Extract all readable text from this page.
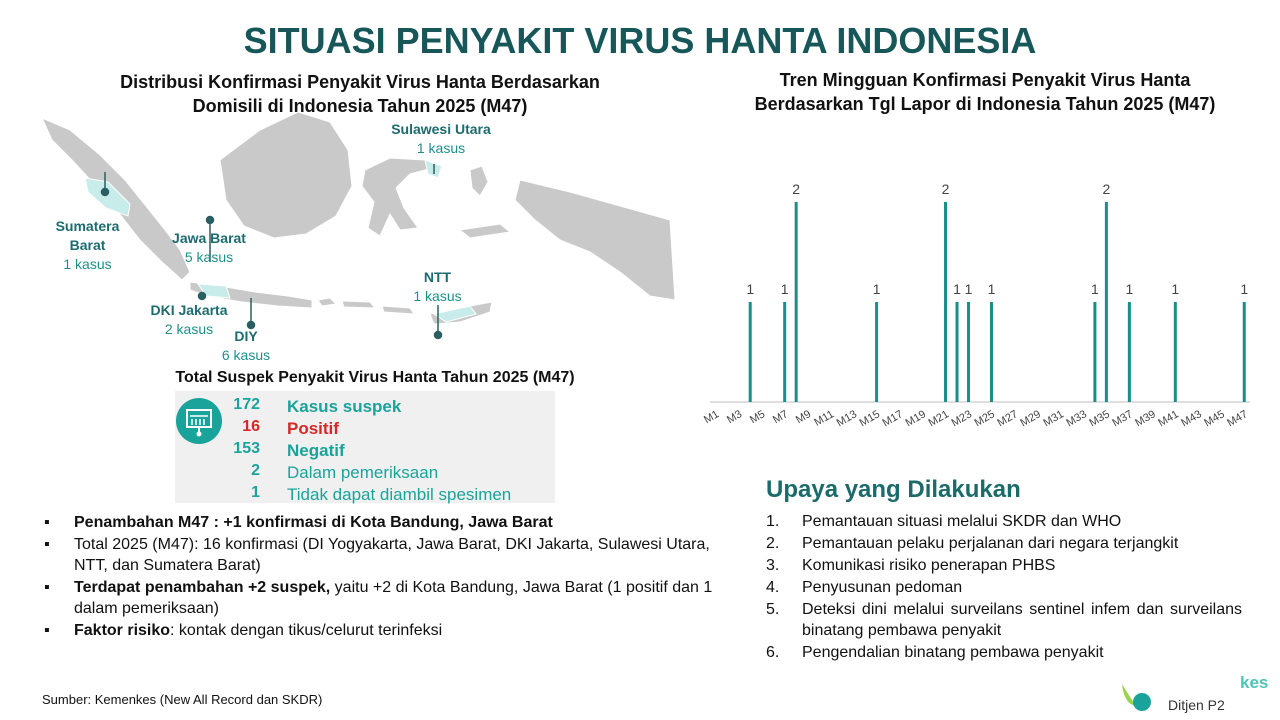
SITUASI PENYAKIT VIRUS HANTA INDONESIA
Distribusi Konfirmasi Penyakit Virus Hanta Berdasarkan
Domisili di Indonesia Tahun 2025 (M47)
Sulawesi Utara
1 kasus
Sumatera
Barat
1 kasus
Jawa Barat
5 kasus
NTT
1 kasus
DKI Jakarta
2 kasus	DIY
6 kasus
Total Suspek Penyakit Virus Hanta Tahun 2025 (M47)
172
16
153
2
1
Kasus suspek
Positif
Negatif
Dalam pemeriksaan
Tidak dapat diambil spesimen
▪ Penambahan M47 : +1 konfirmasi di Kota Bandung, Jawa Barat
▪ Total 2025 (M47): 16 konfirmasi (DI Yogyakarta, Jawa Barat, DKI Jakarta, Sulawesi Utara, NTT, dan Sumatera Barat)
▪ Terdapat penambahan +2 suspek, yaitu +2 di Kota Bandung, Jawa Barat (1 positif dan 1 dalam pemeriksaan)
▪ Faktor risiko: kontak dengan tikus/celurut terinfeksi
Tren Mingguan Konfirmasi Penyakit Virus Hanta
Berdasarkan Tgl Lapor di Indonesia Tahun 2025 (M47)
M1 M3
1
M5
1
M7
2
M9 M11
M13
1
M15
M17
M19
2
M21
1 1
M23
1
M25
M27
M29
M31
M33
1
2
M35
1
M37
M39
1
M41
M43
M45
1
M47
Upaya yang Dilakukan
1. Pemantauan situasi melalui SKDR dan WHO
2. Pemantauan pelaku perjalanan dari negara terjangkit
3. Komunikasi risiko penerapan PHBS
4. Penyusunan pedoman
5. Deteksi dini melalui surveilans sentinel infem dan surveilans binatang pembawa penyakit
6. Pengendalian binatang pembawa penyakit
Sumber: Kemenkes (New All Record dan SKDR)	Ditjen P2
kes
